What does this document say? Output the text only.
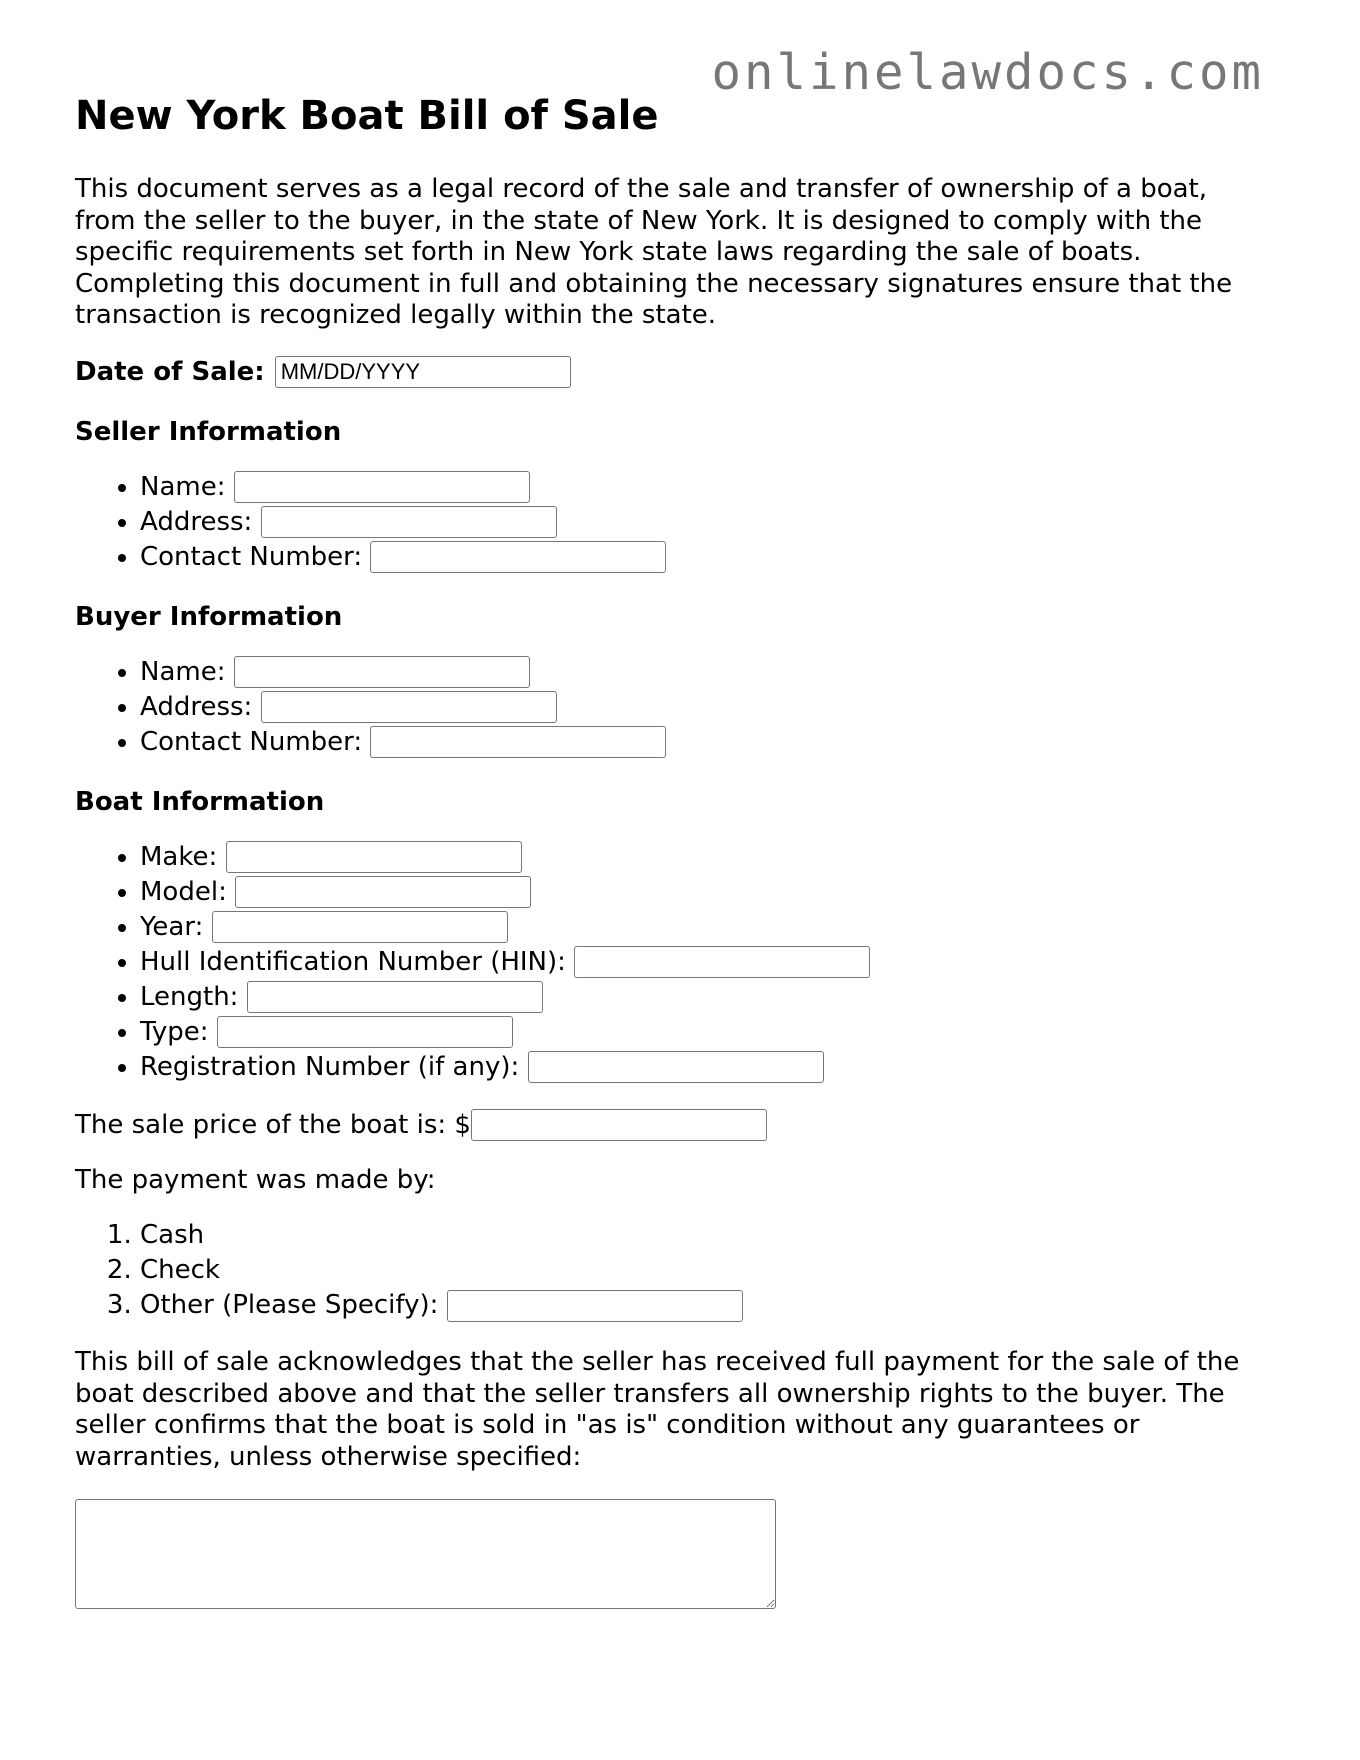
onlinelawdocs.com
New York Boat Bill of Sale

This document serves as a legal record of the sale and transfer of ownership of a boat, from the seller to the buyer, in the state of New York. It is designed to comply with the specific requirements set forth in New York state laws regarding the sale of boats. Completing this document in full and obtaining the necessary signatures ensure that the transaction is recognized legally within the state.

Date of Sale:
MM/DD/YYYY
Seller Information
• Name:
• Address:
• Contact Number:
Buyer Information
• Name:
• Address:
• Contact Number:
Boat Information
• Make:
• Model:
• Year:
• Hull Identification Number (HIN):
• Length:
• Type:
• Registration Number (if any):
The sale price of the boat is: $

The payment was made by:

1. Cash
2. Check
3. Other (Please Specify):

This bill of sale acknowledges that the seller has received full payment for the sale of the boat described above and that the seller transfers all ownership rights to the buyer. The seller confirms that the boat is sold in "as is" condition without any guarantees or warranties, unless otherwise specified:
